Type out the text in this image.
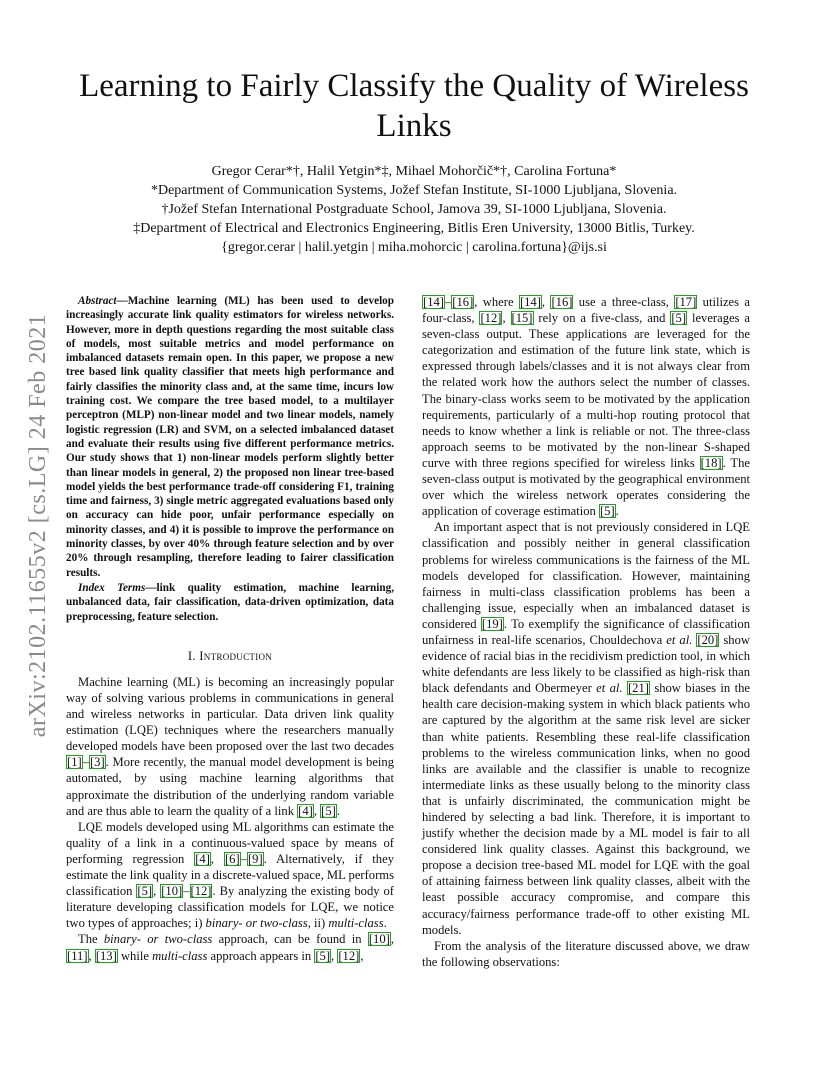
arXiv:2102.11655v2 [cs.LG] 24 Feb 2021
Learning to Fairly Classify the Quality of Wireless Links
Gregor Cerar*†, Halil Yetgin*‡, Mihael Mohorčič*†, Carolina Fortuna*
*Department of Communication Systems, Jožef Stefan Institute, SI-1000 Ljubljana, Slovenia.
†Jožef Stefan International Postgraduate School, Jamova 39, SI-1000 Ljubljana, Slovenia.
‡Department of Electrical and Electronics Engineering, Bitlis Eren University, 13000 Bitlis, Turkey.
{gregor.cerar | halil.yetgin | miha.mohorcic | carolina.fortuna}@ijs.si

Abstract—Machine learning (ML) has been used to develop increasingly accurate link quality estimators for wireless networks. However, more in depth questions regarding the most suitable class of models, most suitable metrics and model performance on imbalanced datasets remain open. In this paper, we propose a new tree based link quality classifier that meets high performance and fairly classifies the minority class and, at the same time, incurs low training cost. We compare the tree based model, to a multilayer perceptron (MLP) non-linear model and two linear models, namely logistic regression (LR) and SVM, on a selected imbalanced dataset and evaluate their results using five different performance metrics. Our study shows that 1) non-linear models perform slightly better than linear models in general, 2) the proposed non linear tree-based model yields the best performance trade-off considering F1, training time and fairness, 3) single metric aggregated evaluations based only on accuracy can hide poor, unfair performance especially on minority classes, and 4) it is possible to improve the performance on minority classes, by over 40% through feature selection and by over 20% through resampling, therefore leading to fairer classification results.

Index Terms—link quality estimation, machine learning, unbalanced data, fair classification, data-driven optimization, data preprocessing, feature selection.

I. Introduction

Machine learning (ML) is becoming an increasingly popular way of solving various problems in communications in general and wireless networks in particular. Data driven link quality estimation (LQE) techniques where the researchers manually developed models have been proposed over the last two decades [1]–[3]. More recently, the manual model development is being automated, by using machine learning algorithms that approximate the distribution of the underlying random variable and are thus able to learn the quality of a link [4], [5].

LQE models developed using ML algorithms can estimate the quality of a link in a continuous-valued space by means of performing regression [4], [6]–[9]. Alternatively, if they estimate the link quality in a discrete-valued space, ML performs classification [5], [10]–[12]. By analyzing the existing body of literature developing classification models for LQE, we notice two types of approaches; i) binary- or two-class, ii) multi-class.

The binary- or two-class approach, can be found in [10], [11], [13] while multi-class approach appears in [5], [12],

[14]–[16], where [14], [16] use a three-class, [17] utilizes a four-class, [12], [15] rely on a five-class, and [5] leverages a seven-class output. These applications are leveraged for the categorization and estimation of the future link state, which is expressed through labels/classes and it is not always clear from the related work how the authors select the number of classes. The binary-class works seem to be motivated by the application requirements, particularly of a multi-hop routing protocol that needs to know whether a link is reliable or not. The three-class approach seems to be motivated by the non-linear S-shaped curve with three regions specified for wireless links [18]. The seven-class output is motivated by the geographical environment over which the wireless network operates considering the application of coverage estimation [5].

An important aspect that is not previously considered in LQE classification and possibly neither in general classification problems for wireless communications is the fairness of the ML models developed for classification. However, maintaining fairness in multi-class classification problems has been a challenging issue, especially when an imbalanced dataset is considered [19]. To exemplify the significance of classification unfairness in real-life scenarios, Chouldechova et al. [20] show evidence of racial bias in the recidivism prediction tool, in which white defendants are less likely to be classified as high-risk than black defendants and Obermeyer et al. [21] show biases in the health care decision-making system in which black patients who are captured by the algorithm at the same risk level are sicker than white patients. Resembling these real-life classification problems to the wireless communication links, when no good links are available and the classifier is unable to recognize intermediate links as these usually belong to the minority class that is unfairly discriminated, the communication might be hindered by selecting a bad link. Therefore, it is important to justify whether the decision made by a ML model is fair to all considered link quality classes. Against this background, we propose a decision tree-based ML model for LQE with the goal of attaining fairness between link quality classes, albeit with the least possible accuracy compromise, and compare this accuracy/fairness performance trade-off to other existing ML models.

From the analysis of the literature discussed above, we draw the following observations:
